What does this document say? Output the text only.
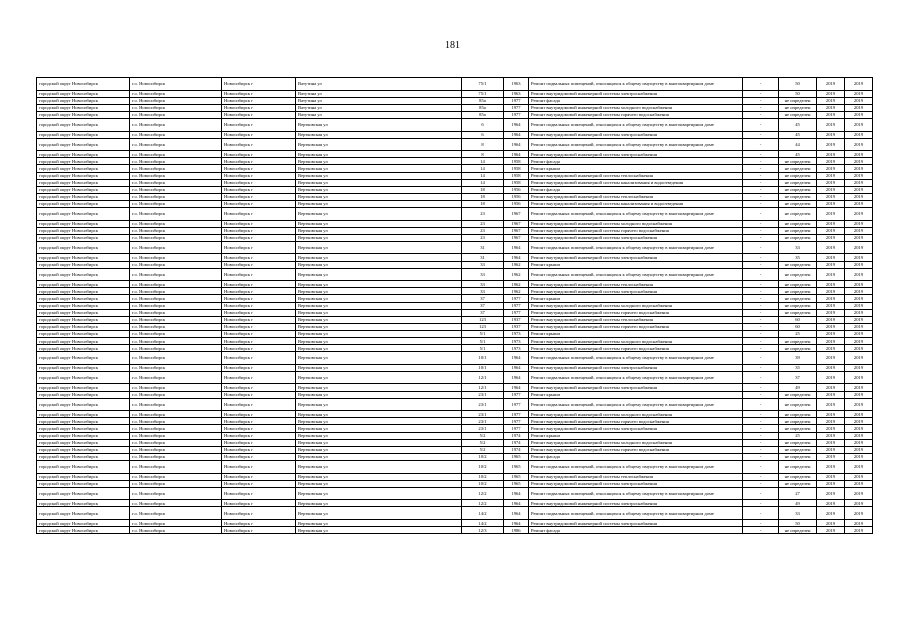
181
городской округ Новосибирск	г.о. Новосибирск	Новосибирск г	Ватутина ул	75/1	1963	Ремонт подвальных помещений, относящихся к общему имуществу в многоквартирном доме	-	50	2019	2019
городской округ Новосибирск	г.о. Новосибирск	Новосибирск г	Ватутина ул	75/1	1963	Ремонт внутридомовой инженерной системы электроснабжения	-	50	2019	2019
городской округ Новосибирск	г.о. Новосибирск	Новосибирск г	Ватутина ул	85а	1977	Ремонт фасада	-	не определен	2019	2019
городской округ Новосибирск	г.о. Новосибирск	Новосибирск г	Ватутина ул	85а	1977	Ремонт внутридомовой инженерной системы холодного водоснабжения	-	не определен	2019	2019
городской округ Новосибирск	г.о. Новосибирск	Новосибирск г	Ватутина ул	85а	1977	Ремонт внутридомовой инженерной системы горячего водоснабжения	-	не определен	2019	2019
городской округ Новосибирск	г.о. Новосибирск	Новосибирск г	Вертковская ул	6	1964	Ремонт подвальных помещений, относящихся к общему имуществу в многоквартирном доме	-	45	2019	2019
городской округ Новосибирск	г.о. Новосибирск	Новосибирск г	Вертковская ул	6	1964	Ремонт внутридомовой инженерной системы электроснабжения	-	45	2019	2019
городской округ Новосибирск	г.о. Новосибирск	Новосибирск г	Вертковская ул	8	1964	Ремонт подвальных помещений, относящихся к общему имуществу в многоквартирном доме	-	44	2019	2019
городской округ Новосибирск	г.о. Новосибирск	Новосибирск г	Вертковская ул	8	1964	Ремонт внутридомовой инженерной системы электроснабжения	-	45	2019	2019
городской округ Новосибирск	г.о. Новосибирск	Новосибирск г	Вертковская ул	14	1958	Ремонт фасада	-	не определен	2019	2019
городской округ Новосибирск	г.о. Новосибирск	Новосибирск г	Вертковская ул	14	1958	Ремонт крыши	-	не определен	2019	2019
городской округ Новосибирск	г.о. Новосибирск	Новосибирск г	Вертковская ул	14	1958	Ремонт внутридомовой инженерной системы теплоснабжения	-	не определен	2019	2019
городской округ Новосибирск	г.о. Новосибирск	Новосибирск г	Вертковская ул	14	1958	Ремонт внутридомовой инженерной системы канализования и водоотведения	-	не определен	2019	2019
городской округ Новосибирск	г.о. Новосибирск	Новосибирск г	Вертковская ул	18	1956	Ремонт фасада	-	не определен	2019	2019
городской округ Новосибирск	г.о. Новосибирск	Новосибирск г	Вертковская ул	18	1956	Ремонт внутридомовой инженерной системы теплоснабжения	-	не определен	2019	2019
городской округ Новосибирск	г.о. Новосибирск	Новосибирск г	Вертковская ул	18	1956	Ремонт внутридомовой инженерной системы канализования и водоотведения	-	не определен	2019	2019
городской округ Новосибирск	г.о. Новосибирск	Новосибирск г	Вертковская ул	23	1967	Ремонт подвальных помещений, относящихся к общему имуществу в многоквартирном доме	-	не определен	2019	2019
городской округ Новосибирск	г.о. Новосибирск	Новосибирск г	Вертковская ул	23	1967	Ремонт внутридомовой инженерной системы холодного водоснабжения	-	не определен	2019	2019
городской округ Новосибирск	г.о. Новосибирск	Новосибирск г	Вертковская ул	23	1967	Ремонт внутридомовой инженерной системы горячего водоснабжения	-	не определен	2019	2019
городской округ Новосибирск	г.о. Новосибирск	Новосибирск г	Вертковская ул	23	1967	Ремонт внутридомовой инженерной системы электроснабжения	-	не определен	2019	2019
городской округ Новосибирск	г.о. Новосибирск	Новосибирск г	Вертковская ул	31	1964	Ремонт подвальных помещений, относящихся к общему имуществу в многоквартирном доме	-	33	2019	2019
городской округ Новосибирск	г.о. Новосибирск	Новосибирск г	Вертковская ул	31	1964	Ремонт внутридомовой инженерной системы электроснабжения	-	35	2019	2019
городской округ Новосибирск	г.о. Новосибирск	Новосибирск г	Вертковская ул	33	1962	Ремонт крыши	-	не определен	2019	2019
городской округ Новосибирск	г.о. Новосибирск	Новосибирск г	Вертковская ул	33	1962	Ремонт подвальных помещений, относящихся к общему имуществу в многоквартирном доме	-	не определен	2019	2019
городской округ Новосибирск	г.о. Новосибирск	Новосибирск г	Вертковская ул	33	1962	Ремонт внутридомовой инженерной системы теплоснабжения	-	не определен	2019	2019
городской округ Новосибирск	г.о. Новосибирск	Новосибирск г	Вертковская ул	33	1962	Ремонт внутридомовой инженерной системы электроснабжения	-	не определен	2019	2019
городской округ Новосибирск	г.о. Новосибирск	Новосибирск г	Вертковская ул	37	1977	Ремонт крыши	-	не определен	2019	2019
городской округ Новосибирск	г.о. Новосибирск	Новосибирск г	Вертковская ул	37	1977	Ремонт внутридомовой инженерной системы холодного водоснабжения	-	не определен	2019	2019
городской округ Новосибирск	г.о. Новосибирск	Новосибирск г	Вертковская ул	37	1977	Ремонт внутридомовой инженерной системы горячего водоснабжения	-	не определен	2019	2019
городской округ Новосибирск	г.о. Новосибирск	Новосибирск г	Вертковская ул	123	1937	Ремонт внутридомовой инженерной системы теплоснабжения	-	60	2019	2019
городской округ Новосибирск	г.о. Новосибирск	Новосибирск г	Вертковская ул	123	1937	Ремонт внутридомовой инженерной системы горячего водоснабжения	-	60	2019	2019
городской округ Новосибирск	г.о. Новосибирск	Новосибирск г	Вертковская ул	5/1	1973	Ремонт крыши	-	25	2019	2019
городской округ Новосибирск	г.о. Новосибирск	Новосибирск г	Вертковская ул	5/1	1973	Ремонт внутридомовой инженерной системы холодного водоснабжения	-	не определен	2019	2019
городской округ Новосибирск	г.о. Новосибирск	Новосибирск г	Вертковская ул	5/1	1973	Ремонт внутридомовой инженерной системы горячего водоснабжения	-	не определен	2019	2019
городской округ Новосибирск	г.о. Новосибирск	Новосибирск г	Вертковская ул	10/1	1964	Ремонт подвальных помещений, относящихся к общему имуществу в многоквартирном доме	-	39	2019	2019
городской округ Новосибирск	г.о. Новосибирск	Новосибирск г	Вертковская ул	10/1	1964	Ремонт внутридомовой инженерной системы электроснабжения	-	35	2019	2019
городской округ Новосибирск	г.о. Новосибирск	Новосибирск г	Вертковская ул	12/1	1964	Ремонт подвальных помещений, относящихся к общему имуществу в многоквартирном доме	-	37	2019	2019
городской округ Новосибирск	г.о. Новосибирск	Новосибирск г	Вертковская ул	12/1	1964	Ремонт внутридомовой инженерной системы электроснабжения	-	49	2019	2019
городской округ Новосибирск	г.о. Новосибирск	Новосибирск г	Вертковская ул	23/1	1977	Ремонт крыши	-	не определен	2019	2019
городской округ Новосибирск	г.о. Новосибирск	Новосибирск г	Вертковская ул	23/1	1977	Ремонт подвальных помещений, относящихся к общему имуществу в многоквартирном доме	-	не определен	2019	2019
городской округ Новосибирск	г.о. Новосибирск	Новосибирск г	Вертковская ул	23/1	1977	Ремонт внутридомовой инженерной системы холодного водоснабжения	-	не определен	2019	2019
городской округ Новосибирск	г.о. Новосибирск	Новосибирск г	Вертковская ул	23/1	1977	Ремонт внутридомовой инженерной системы горячего водоснабжения	-	не определен	2019	2019
городской округ Новосибирск	г.о. Новосибирск	Новосибирск г	Вертковская ул	23/1	1977	Ремонт внутридомовой инженерной системы электроснабжения	-	не определен	2019	2019
городской округ Новосибирск	г.о. Новосибирск	Новосибирск г	Вертковская ул	5/2	1974	Ремонт крыши	-	25	2019	2019
городской округ Новосибирск	г.о. Новосибирск	Новосибирск г	Вертковская ул	5/2	1974	Ремонт внутридомовой инженерной системы холодного водоснабжения	-	не определен	2019	2019
городской округ Новосибирск	г.о. Новосибирск	Новосибирск г	Вертковская ул	5/2	1974	Ремонт внутридомовой инженерной системы горячего водоснабжения	-	не определен	2019	2019
городской округ Новосибирск	г.о. Новосибирск	Новосибирск г	Вертковская ул	10/2	1965	Ремонт фасада	-	не определен	2019	2019
городской округ Новосибирск	г.о. Новосибирск	Новосибирск г	Вертковская ул	10/2	1965	Ремонт подвальных помещений, относящихся к общему имуществу в многоквартирном доме	-	не определен	2019	2019
городской округ Новосибирск	г.о. Новосибирск	Новосибирск г	Вертковская ул	10/2	1965	Ремонт внутридомовой инженерной системы теплоснабжения	-	не определен	2019	2019
городской округ Новосибирск	г.о. Новосибирск	Новосибирск г	Вертковская ул	10/2	1965	Ремонт внутридомовой инженерной системы электроснабжения	-	не определен	2019	2019
городской округ Новосибирск	г.о. Новосибирск	Новосибирск г	Вертковская ул	12/2	1964	Ремонт подвальных помещений, относящихся к общему имуществу в многоквартирном доме	-	27	2019	2019
городской округ Новосибирск	г.о. Новосибирск	Новосибирск г	Вертковская ул	12/2	1964	Ремонт внутридомовой инженерной системы электроснабжения	-	49	2019	2019
городской округ Новосибирск	г.о. Новосибирск	Новосибирск г	Вертковская ул	14/2	1964	Ремонт подвальных помещений, относящихся к общему имуществу в многоквартирном доме	-	33	2019	2019
городской округ Новосибирск	г.о. Новосибирск	Новосибирск г	Вертковская ул	14/2	1964	Ремонт внутридомовой инженерной системы электроснабжения	-	50	2019	2019
городской округ Новосибирск	г.о. Новосибирск	Новосибирск г	Вертковская ул	12/3	1986	Ремонт фасада	-	не определен	2019	2019
